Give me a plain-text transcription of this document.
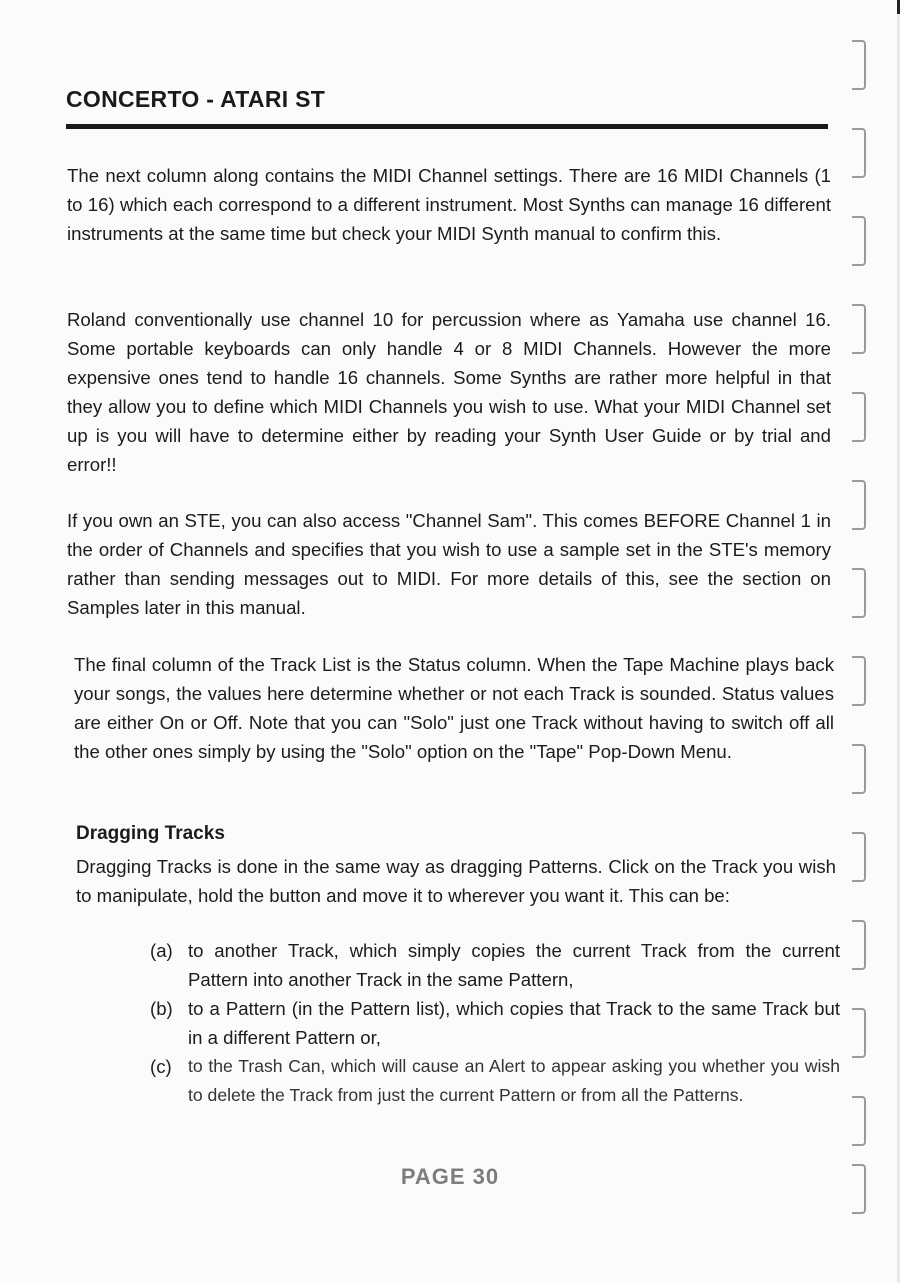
CONCERTO - ATARI ST

The next column along contains the MIDI Channel settings. There are 16 MIDI Channels (1 to 16) which each correspond to a different instrument. Most Synths can manage 16 different instruments at the same time but check your MIDI Synth manual to confirm this.

Roland conventionally use channel 10 for percussion where as Yamaha use channel 16. Some portable keyboards can only handle 4 or 8 MIDI Channels. However the more expensive ones tend to handle 16 channels. Some Synths are rather more helpful in that they allow you to define which MIDI Channels you wish to use. What your MIDI Channel set up is you will have to determine either by reading your Synth User Guide or by trial and error!!

If you own an STE, you can also access "Channel Sam". This comes BEFORE Channel 1 in the order of Channels and specifies that you wish to use a sample set in the STE's memory rather than sending messages out to MIDI. For more details of this, see the section on Samples later in this manual.

The final column of the Track List is the Status column. When the Tape Machine plays back your songs, the values here determine whether or not each Track is sounded. Status values are either On or Off. Note that you can "Solo" just one Track without having to switch off all the other ones simply by using the "Solo" option on the "Tape" Pop-Down Menu.

Dragging Tracks

Dragging Tracks is done in the same way as dragging Patterns. Click on the Track you wish to manipulate, hold the button and move it to wherever you want it. This can be:

(a) to another Track, which simply copies the current Track from the current Pattern into another Track in the same Pattern,
(b) to a Pattern (in the Pattern list), which copies that Track to the same Track but in a different Pattern or,
(c) to the Trash Can, which will cause an Alert to appear asking you whether you wish to delete the Track from just the current Pattern or from all the Patterns.
PAGE 30
